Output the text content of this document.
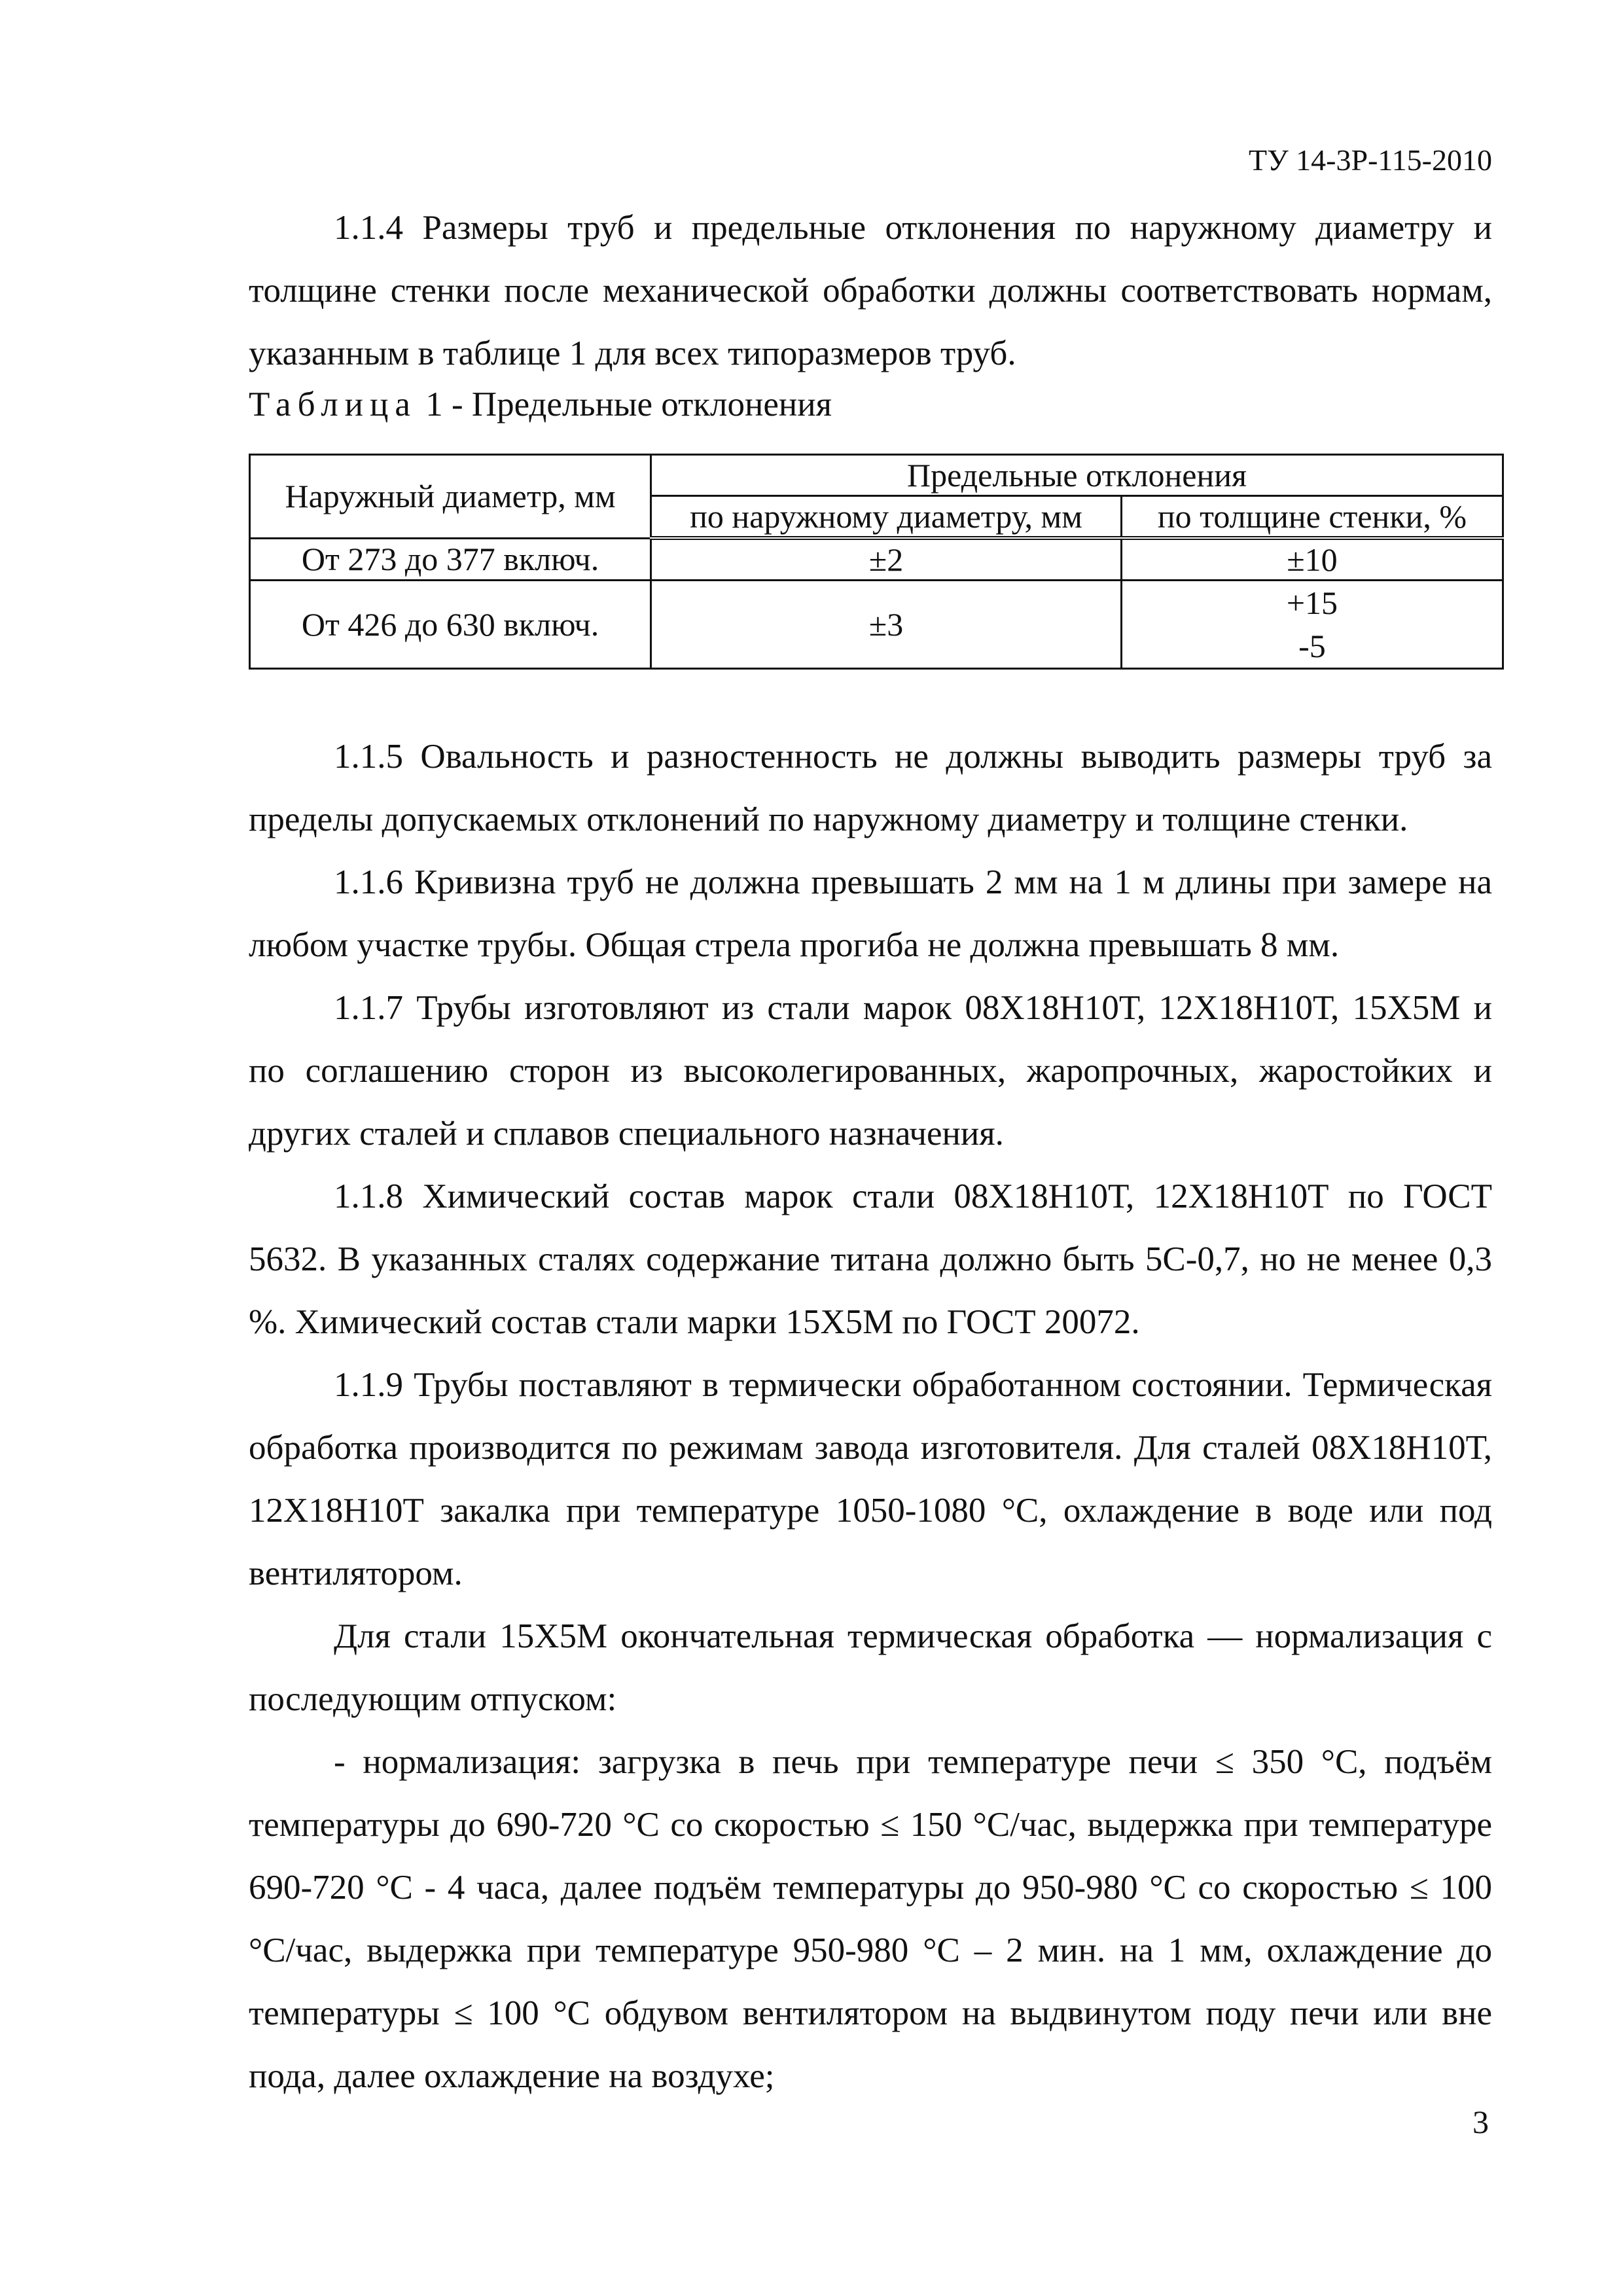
ТУ 14-3Р-115-2010

1.1.4 Размеры труб и предельные отклонения по наружному диаметру и толщине стенки после механической обработки должны соответствовать нормам, указанным в таблице 1 для всех типоразмеров труб.

Таблица 1 - Предельные отклонения
Наружный диаметр, мм	Предельные отклонения	
	по наружному диаметру, мм	по толщине стенки, %
От 273 до 377 включ.	±2	±10
От 426 до 630 включ.	±3	+15
-5

1.1.5 Овальность и разностенность не должны выводить размеры труб за пределы допускаемых отклонений по наружному диаметру и толщине стенки.

1.1.6 Кривизна труб не должна превышать 2 мм на 1 м длины при замере на любом участке трубы. Общая стрела прогиба не должна превышать 8 мм.

1.1.7 Трубы изготовляют из стали марок 08Х18Н10Т, 12Х18Н10Т, 15Х5М и по соглашению сторон из высоколегированных, жаропрочных, жаростойких и других сталей и сплавов специального назначения.

1.1.8 Химический состав марок стали 08Х18Н10Т, 12Х18Н10Т по ГОСТ 5632. В указанных сталях содержание титана должно быть 5С-0,7, но не менее 0,3 %. Химический состав стали марки 15Х5М по ГОСТ 20072.

1.1.9 Трубы поставляют в термически обработанном состоянии. Термическая обработка производится по режимам завода изготовителя. Для сталей 08Х18Н10Т, 12Х18Н10Т закалка при температуре 1050-1080 °С, охлаждение в воде или под вентилятором.

Для стали 15Х5М окончательная термическая обработка — нормализация с последующим отпуском:

- нормализация: загрузка в печь при температуре печи ≤ 350 °С, подъём температуры до 690-720 °С со скоростью ≤ 150 °С/час, выдержка при температуре 690-720 °С - 4 часа, далее подъём температуры до 950-980 °С со скоростью ≤ 100 °С/час, выдержка при температуре 950-980 °С – 2 мин. на 1 мм, охлаждение до температуры ≤ 100 °С обдувом вентилятором на выдвинутом поду печи или вне пода, далее охлаждение на воздухе;

3
